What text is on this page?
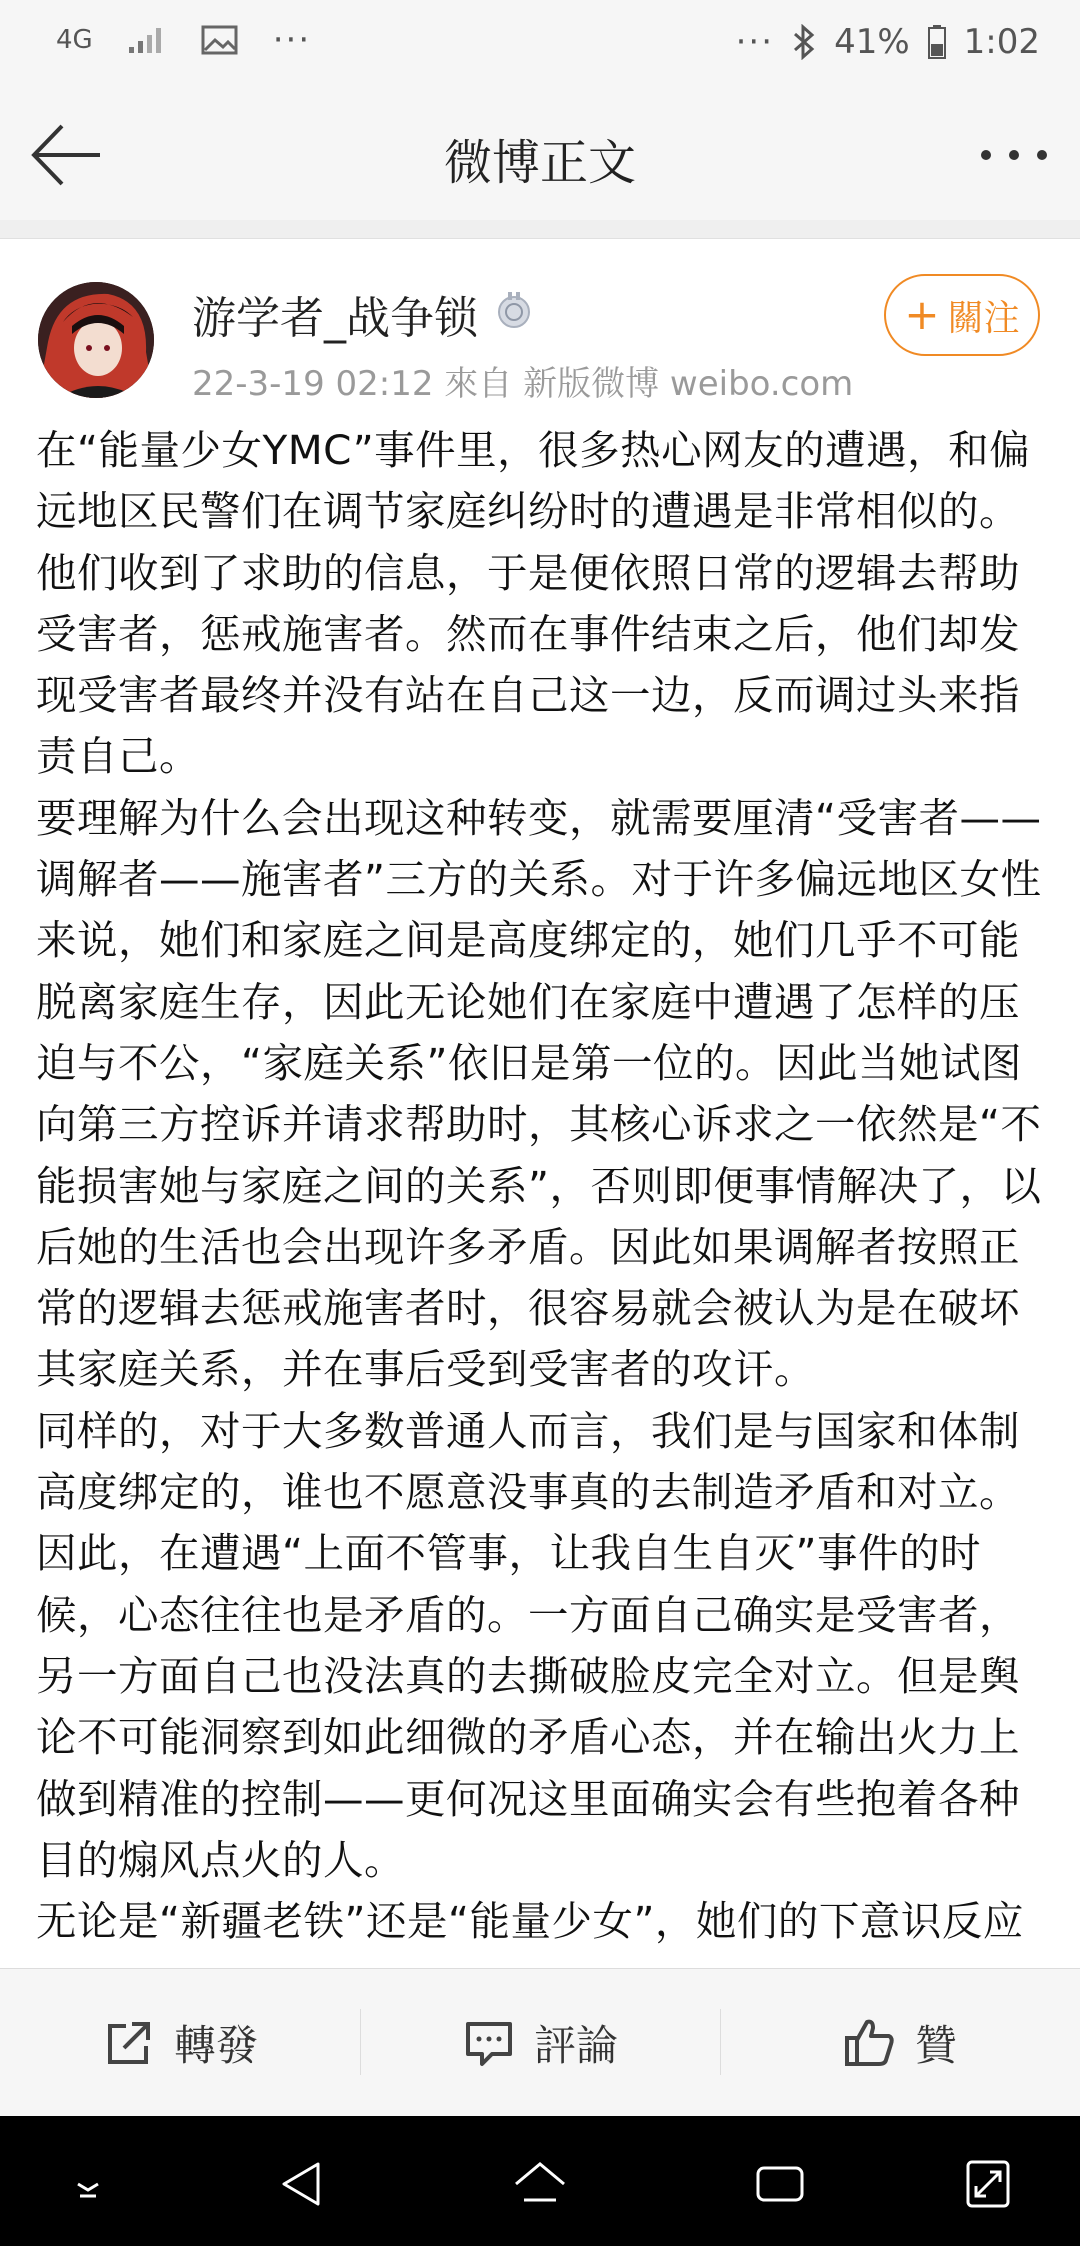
4G	···	··· 41% 1:02
微博正文
游学者_战争锁
22-3-19 02:12 來自 新版微博 weibo.com
+ 關注

在“能量少女YMC”事件里，很多热心网友的遭遇，和偏远地区民警们在调节家庭纠纷时的遭遇是非常相似的。他们收到了求助的信息，于是便依照日常的逻辑去帮助受害者，惩戒施害者。然而在事件结束之后，他们却发现受害者最终并没有站在自己这一边，反而调过头来指责自己。

要理解为什么会出现这种转变，就需要厘清“受害者——调解者——施害者”三方的关系。对于许多偏远地区女性来说，她们和家庭之间是高度绑定的，她们几乎不可能脱离家庭生存，因此无论她们在家庭中遭遇了怎样的压迫与不公，“家庭关系”依旧是第一位的。因此当她试图向第三方控诉并请求帮助时，其核心诉求之一依然是“不能损害她与家庭之间的关系”，否则即便事情解决了，以后她的生活也会出现许多矛盾。因此如果调解者按照正常的逻辑去惩戒施害者时，很容易就会被认为是在破坏其家庭关系，并在事后受到受害者的攻讦。

同样的，对于大多数普通人而言，我们是与国家和体制高度绑定的，谁也不愿意没事真的去制造矛盾和对立。因此，在遭遇“上面不管事，让我自生自灭”事件的时候，心态往往也是矛盾的。一方面自己确实是受害者，另一方面自己也没法真的去撕破脸皮完全对立。但是舆论不可能洞察到如此细微的矛盾心态，并在输出火力上做到精准的控制——更何况这里面确实会有些抱着各种目的煽风点火的人。

无论是“新疆老铁”还是“能量少女”，她们的下意识反应

轉發	評論	贊
